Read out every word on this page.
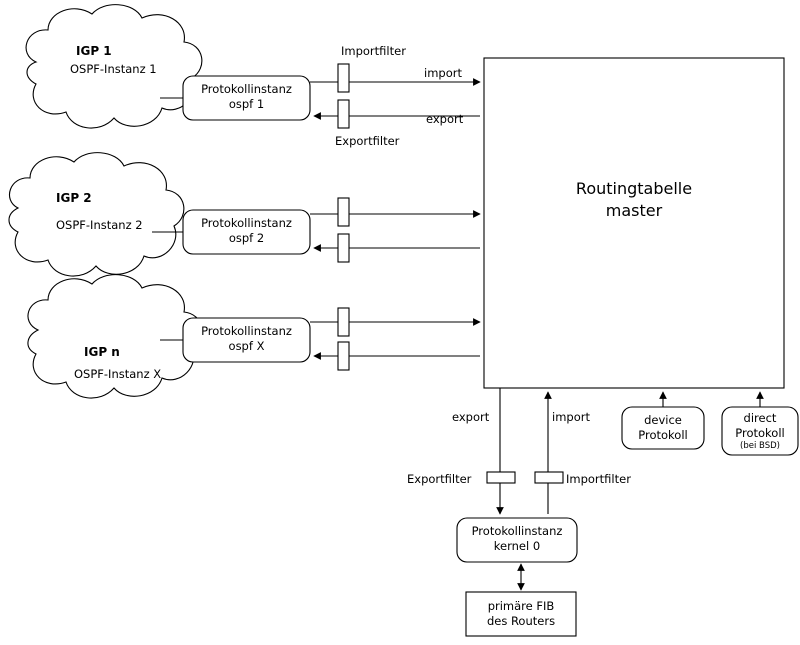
IGP 1
OSPF-Instanz 1
IGP 2
OSPF-Instanz 2
IGP n
OSPF-Instanz X
Protokollinstanz
ospf 1
Protokollinstanz
ospf 2
Protokollinstanz
ospf X
Routingtabelle
master
Importfilter
Exportfilter
import
export
export	import
Exportfilter	Importfilter
device
Protokoll
direct
Protokoll
(bei BSD)
Protokollinstanz
kernel 0
primäre FIB
des Routers
